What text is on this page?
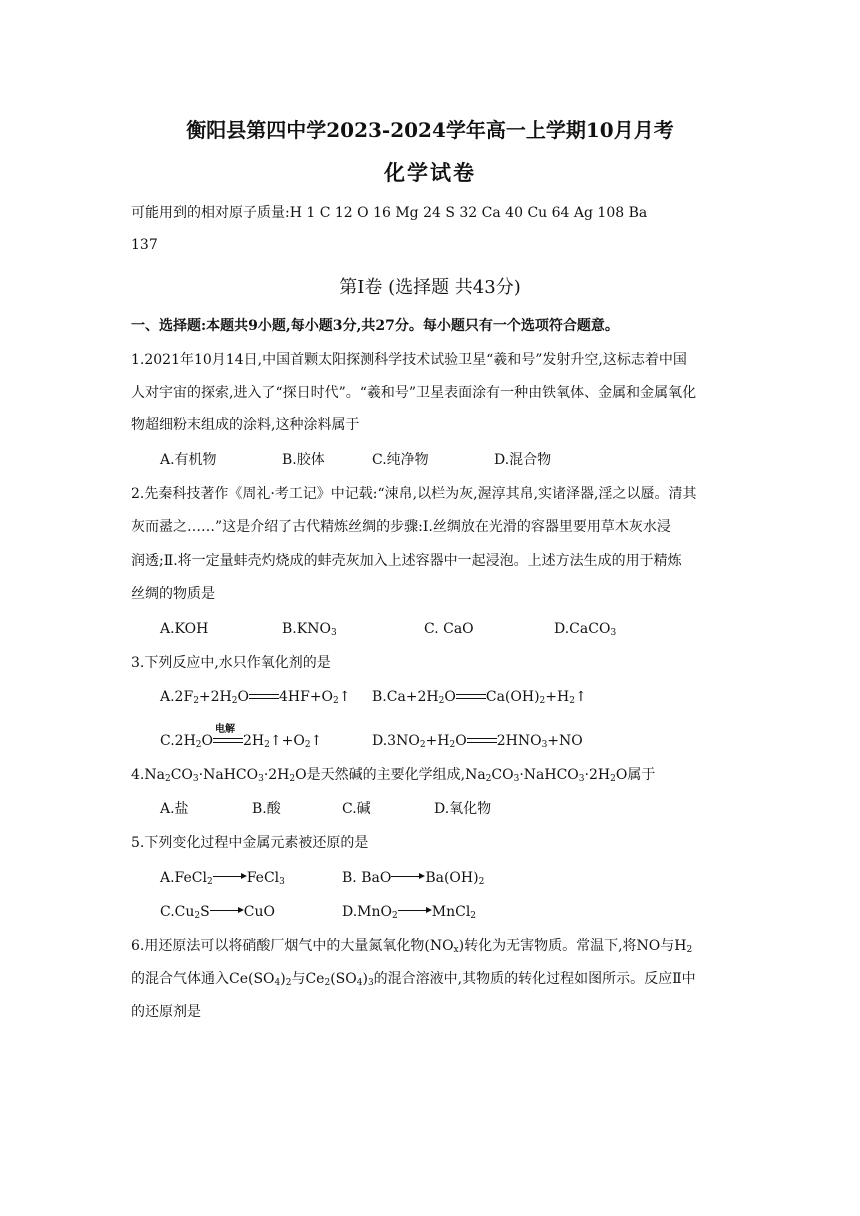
衡阳县第四中学2023-2024学年高一上学期10月月考
化学试卷
可能用到的相对原子质量:H 1 C 12 O 16 Mg 24 S 32 Ca 40 Cu 64 Ag 108 Ba
137
第Ⅰ卷 (选择题 共43分)
一、选择题:本题共9小题,每小题3分,共27分。每小题只有一个选项符合题意。
1.2021年10月14日,中国首颗太阳探测科学技术试验卫星“羲和号”发射升空,这标志着中国
人对宇宙的探索,进入了“探日时代”。“羲和号”卫星表面涂有一种由铁氧体、金属和金属氧化
物超细粉末组成的涂料,这种涂料属于
A.有机物	B.胶体	C.纯净物	D.混合物
2.先秦科技著作《周礼·考工记》中记载:“涑帛,以栏为灰,渥淳其帛,实诸泽器,淫之以蜃。清其
灰而盝之……”这是介绍了古代精炼丝绸的步骤:Ⅰ.丝绸放在光滑的容器里要用草木灰水浸
润透;Ⅱ.将一定量蚌壳灼烧成的蚌壳灰加入上述容器中一起浸泡。上述方法生成的用于精炼
丝绸的物质是
A.KOH	$B.KNO_3$	C. CaO	D.CaCO$_3$
3.下列反应中,水只作氧化剂的是
$A.2F_2+2H_2O$ $4HF+O_2↑$ $B.Ca+2H_2O$ $Ca(OH)_2+H_2↑$
$C.2H_2O$
电解
$2H_2↑+O_2↑$	$D.3NO_2+H_2O$ $2HNO_3+NO$
$4.Na_2CO_3\cdot NaHCO_3\cdot 2H_2O$是天然碱的主要化学组成$,Na_2CO_3\cdot NaHCO_3\cdot 2H_2O$属于
A.盐	B.酸	C.碱	D.氧化物
5.下列变化过程中金属元素被还原的是
A.FeCl$_2$ FeCl$_3$	B. BaO $Ba(OH)_2$
$C.Cu_2S$ CuO	D.MnO$_2$ MnCl$_2$
6.用还原法可以将硝酸厂烟气中的大量氮氧化物$(NO_x)$转化为无害物质。常温下,将NO与$H_2$
的混合气体通入$Ce(SO_4)_2$与$Ce_2(SO_4)_3$的混合溶液中,其物质的转化过程如图所示。反应Ⅱ中
的还原剂是
